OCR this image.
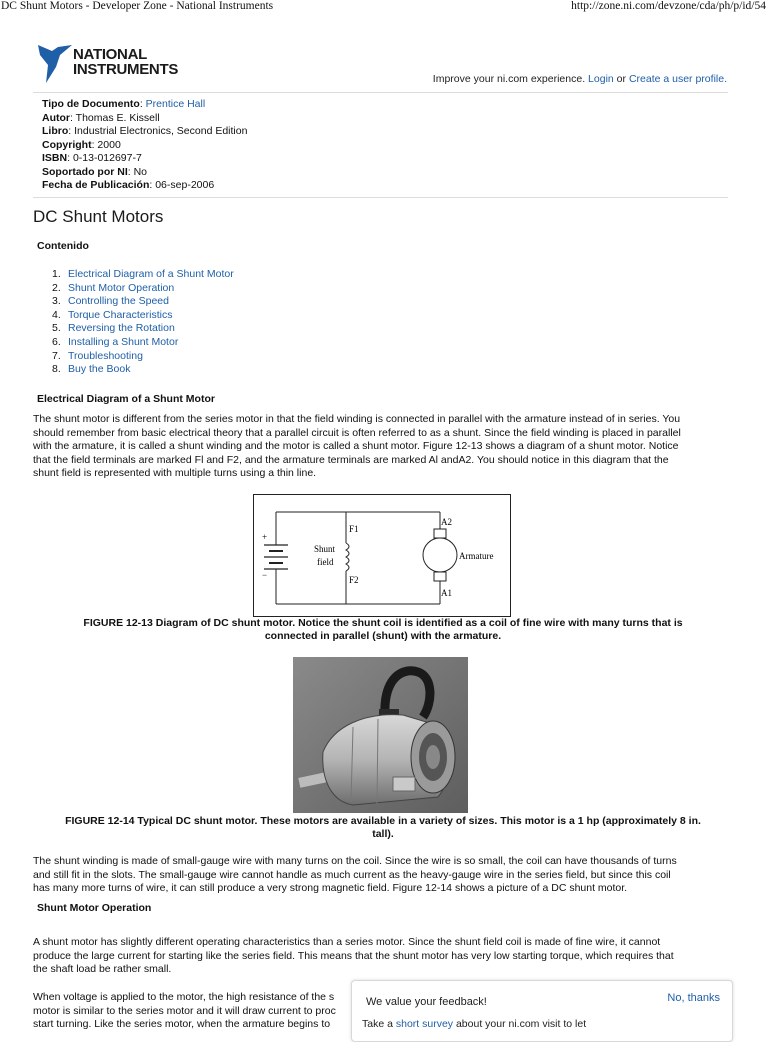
DC Shunt Motors - Developer Zone - National Instruments	http://zone.ni.com/devzone/cda/ph/p/id/54
NATIONAL
INSTRUMENTS
Improve your ni.com experience. Login or Create a user profile.
Tipo de Documento: Prentice Hall
Autor: Thomas E. Kissell
Libro: Industrial Electronics, Second Edition
Copyright: 2000
ISBN: 0-13-012697-7
Soportado por NI: No
Fecha de Publicación: 06-sep-2006
DC Shunt Motors
Contenido
1. Electrical Diagram of a Shunt Motor
2. Shunt Motor Operation
3. Controlling the Speed
4. Torque Characteristics
5. Reversing the Rotation
6. Installing a Shunt Motor
7. Troubleshooting
8. Buy the Book
Electrical Diagram of a Shunt Motor
The shunt motor is different from the series motor in that the field winding is connected in parallel with the armature instead of in series. You
should remember from basic electrical theory that a parallel circuit is often referred to as a shunt. Since the field winding is placed in parallel
with the armature, it is called a shunt winding and the motor is called a shunt motor. Figure 12-13 shows a diagram of a shunt motor. Notice
that the field terminals are marked Fl and F2, and the armature terminals are marked Al andA2. You should notice in this diagram that the
shunt field is represented with multiple turns using a thin line.
+
−
F1
F2
Shunt
field
A2
A1
Armature
FIGURE 12-13 Diagram of DC shunt motor. Notice the shunt coil is identified as a coil of fine wire with many turns that is
connected in parallel (shunt) with the armature.
FIGURE 12-14 Typical DC shunt motor. These motors are available in a variety of sizes. This motor is a 1 hp (approximately 8 in.
tall).
The shunt winding is made of small-gauge wire with many turns on the coil. Since the wire is so small, the coil can have thousands of turns
and still fit in the slots. The small-gauge wire cannot handle as much current as the heavy-gauge wire in the series field, but since this coil
has many more turns of wire, it can still produce a very strong magnetic field. Figure 12-14 shows a picture of a DC shunt motor.
Shunt Motor Operation
A shunt motor has slightly different operating characteristics than a series motor. Since the shunt field coil is made of fine wire, it cannot
produce the large current for starting like the series field. This means that the shunt motor has very low starting torque, which requires that
the shaft load be rather small.
When voltage is applied to the motor, the high resistance of the s
motor is similar to the series motor and it will draw current to proc
start turning. Like the series motor, when the armature begins to
We value your feedback!	No, thanks
Take a short survey about your ni.com visit to let
